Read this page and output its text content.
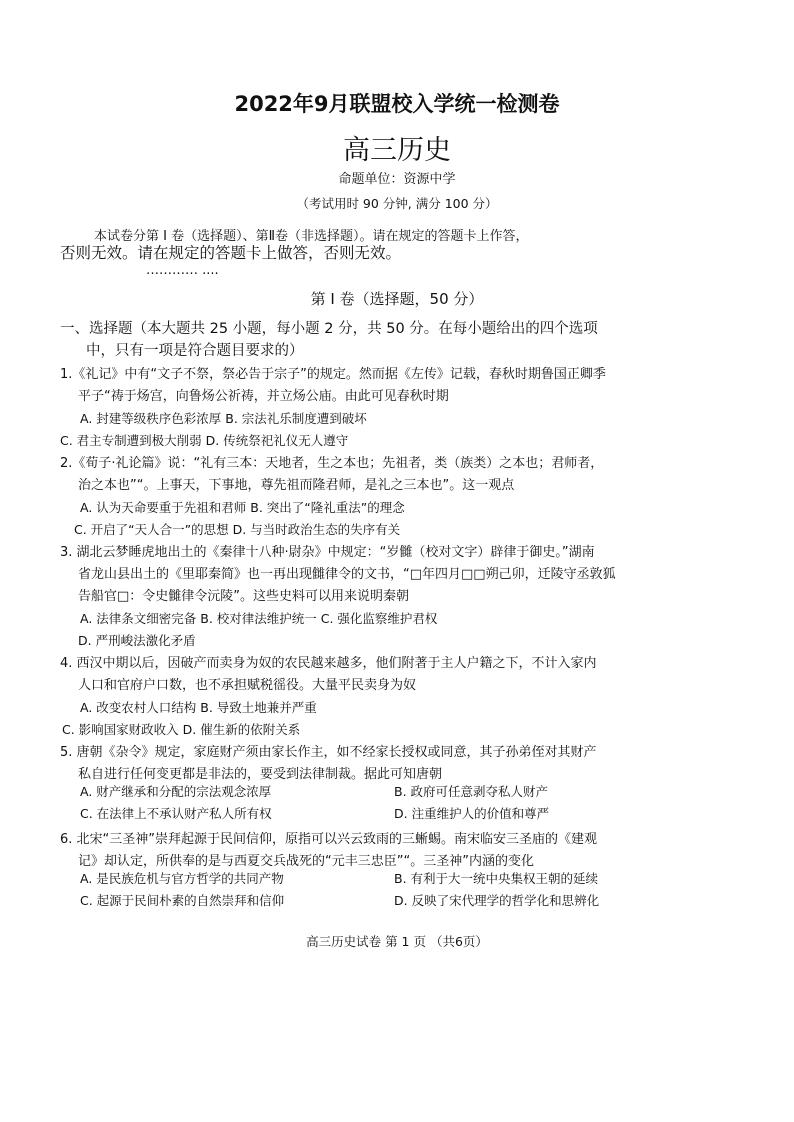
2022年9月联盟校入学统一检测卷
高三历史
命题单位：资源中学
（考试用时 90 分钟, 满分 100 分）
本试卷分第 I 卷（选择题）、第Ⅱ卷（非选择题）。请在规定的答题卡上作答，
否则无效。请在规定的答题卡上做答，否则无效。
………… ....
第 I 卷（选择题，50 分）
一、选择题（本大题共 25 小题，每小题 2 分，共 50 分。在每小题给出的四个选项
中，只有一项是符合题目要求的）
1.《礼记》中有“文子不祭，祭必告于宗子”的规定。然而据《左传》记载，春秋时期鲁国正卿季
平子“祷于炀宫，向鲁炀公祈祷，并立炀公庙。由此可见春秋时期
A. 封建等级秩序色彩浓厚 B. 宗法礼乐制度遭到破坏
C. 君主专制遭到极大削弱 D. 传统祭祀礼仪无人遵守
2.《荀子·礼论篇》说：“礼有三本：天地者，生之本也；先祖者，类（族类）之本也；君师者，
治之本也”“。上事天，下事地，尊先祖而隆君师，是礼之三本也”。这一观点
A. 认为天命要重于先祖和君师 B. 突出了“隆礼重法”的理念
C. 开启了“天人合一”的思想 D. 与当时政治生态的失序有关
3. 湖北云梦睡虎地出土的《秦律十八种·尉杂》中规定：“岁雠（校对文字）辟律于御史。”湖南
省龙山县出土的《里耶秦简》也一再出现雠律令的文书，“□年四月□□朔己卯，迁陵守丞敦狐
告船官□：令史雠律令沅陵”。这些史料可以用来说明秦朝
A. 法律条文细密完备 B. 校对律法维护统一 C. 强化监察维护君权
D. 严刑峻法激化矛盾
4. 西汉中期以后，因破产而卖身为奴的农民越来越多，他们附著于主人户籍之下，不计入家内
人口和官府户口数，也不承担赋税徭役。大量平民卖身为奴
A. 改变农村人口结构 B. 导致土地兼并严重
C. 影响国家财政收入 D. 催生新的依附关系
5. 唐朝《杂令》规定，家庭财产须由家长作主，如不经家长授权或同意，其子孙弟侄对其财产
私自进行任何变更都是非法的，要受到法律制裁。据此可知唐朝
A. 财产继承和分配的宗法观念浓厚	B. 政府可任意剥夺私人财产
C. 在法律上不承认财产私人所有权	D. 注重维护人的价值和尊严
6. 北宋“三圣神”崇拜起源于民间信仰，原指可以兴云致雨的三蜥蜴。南宋临安三圣庙的《建观
记》却认定，所供奉的是与西夏交兵战死的“元丰三忠臣”“。三圣神”内涵的变化
A. 是民族危机与官方哲学的共同产物	B. 有利于大一统中央集权王朝的延续
C. 起源于民间朴素的自然崇拜和信仰	D. 反映了宋代理学的哲学化和思辨化
高三历史试卷 第 1 页 （共6页）
